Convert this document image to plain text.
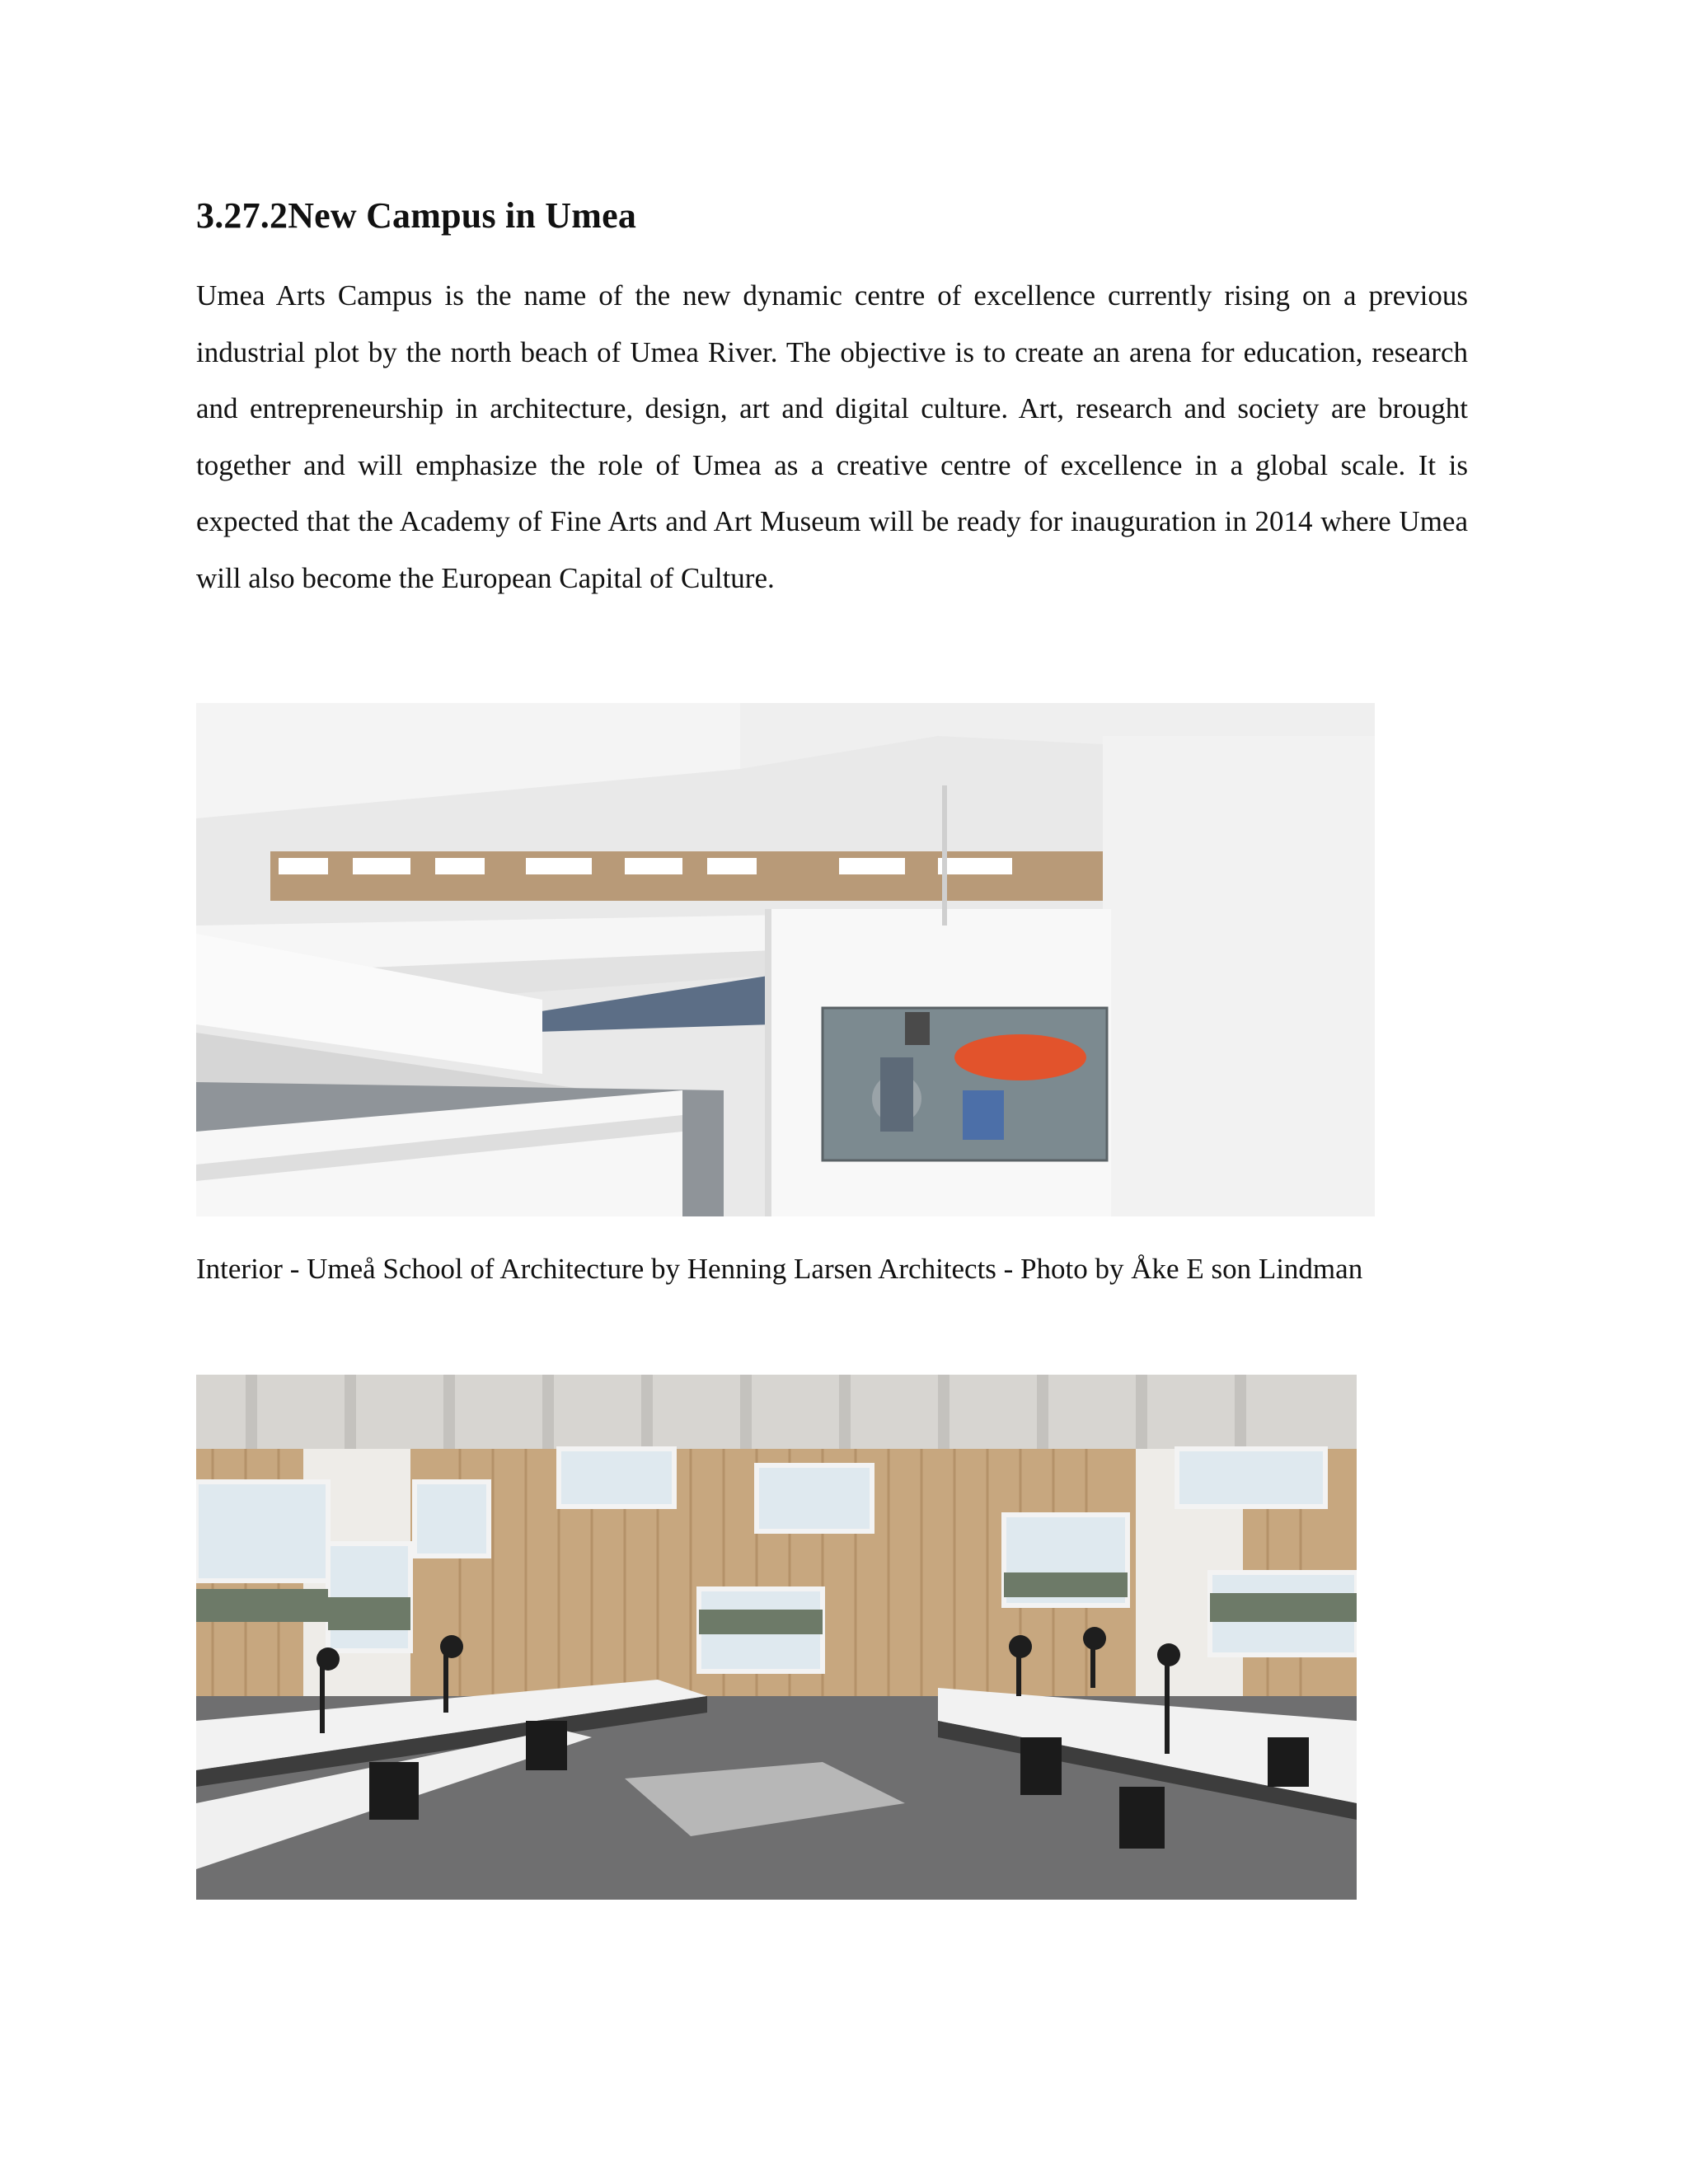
3.27.2New Campus in Umea

Umea Arts Campus is the name of the new dynamic centre of excellence currently rising on a previous industrial plot by the north beach of Umea River. The objective is to create an arena for education, research and entrepreneurship in architecture, design, art and digital culture. Art, research and society are brought together and will emphasize the role of Umea as a creative centre of excellence in a global scale. It is expected that the Academy of Fine Arts and Art Museum will be ready for inauguration in 2014 where Umea will also become the European Capital of Culture.

Interior - Umeå School of Architecture by Henning Larsen Architects - Photo by Åke E son Lindman
